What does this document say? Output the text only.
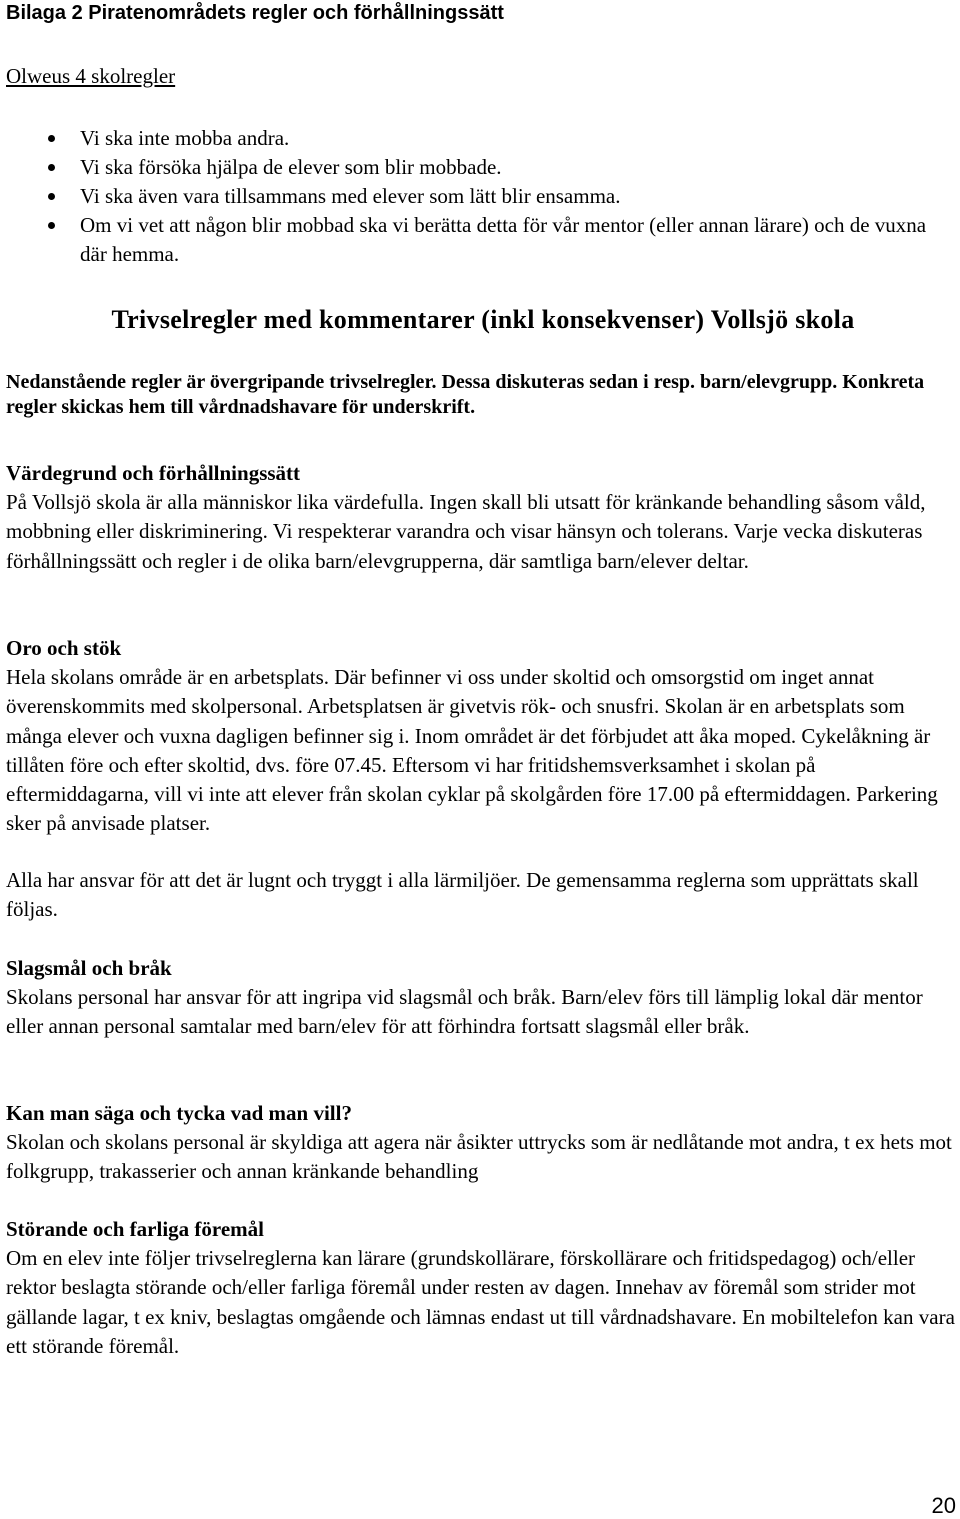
Bilaga 2 Piratenområdets regler och förhållningssätt
Olweus 4 skolregler
Vi ska inte mobba andra.
Vi ska försöka hjälpa de elever som blir mobbade.
Vi ska även vara tillsammans med elever som lätt blir ensamma.
Om vi vet att någon blir mobbad ska vi berätta detta för vår mentor (eller annan lärare) och de vuxna där hemma.
Trivselregler med kommentarer (inkl konsekvenser) Vollsjö skola

Nedanstående regler är övergripande trivselregler. Dessa diskuteras sedan i resp. barn/elevgrupp. Konkreta regler skickas hem till vårdnadshavare för underskrift.

Värdegrund och förhållningssätt

På Vollsjö skola är alla människor lika värdefulla. Ingen skall bli utsatt för kränkande behandling såsom våld, mobbning eller diskriminering. Vi respekterar varandra och visar hänsyn och tolerans. Varje vecka diskuteras förhållningssätt och regler i de olika barn/elevgrupperna, där samtliga barn/elever deltar.

Oro och stök

Hela skolans område är en arbetsplats. Där befinner vi oss under skoltid och omsorgstid om inget annat överenskommits med skolpersonal. Arbetsplatsen är givetvis rök- och snusfri. Skolan är en arbetsplats som många elever och vuxna dagligen befinner sig i. Inom området är det förbjudet att åka moped. Cykelåkning är tillåten före och efter skoltid, dvs. före 07.45. Eftersom vi har fritidshemsverksamhet i skolan på eftermiddagarna, vill vi inte att elever från skolan cyklar på skolgården före 17.00 på eftermiddagen. Parkering sker på anvisade platser.

Alla har ansvar för att det är lugnt och tryggt i alla lärmiljöer. De gemensamma reglerna som upprättats skall följas.

Slagsmål och bråk

Skolans personal har ansvar för att ingripa vid slagsmål och bråk. Barn/elev förs till lämplig lokal där mentor eller annan personal samtalar med barn/elev för att förhindra fortsatt slagsmål eller bråk.

Kan man säga och tycka vad man vill?

Skolan och skolans personal är skyldiga att agera när åsikter uttrycks som är nedlåtande mot andra, t ex hets mot folkgrupp, trakasserier och annan kränkande behandling

Störande och farliga föremål

Om en elev inte följer trivselreglerna kan lärare (grundskollärare, förskollärare och fritidspedagog) och/eller rektor beslagta störande och/eller farliga föremål under resten av dagen. Innehav av föremål som strider mot gällande lagar, t ex kniv, beslagtas omgående och lämnas endast ut till vårdnadshavare. En mobiltelefon kan vara ett störande föremål.

20
